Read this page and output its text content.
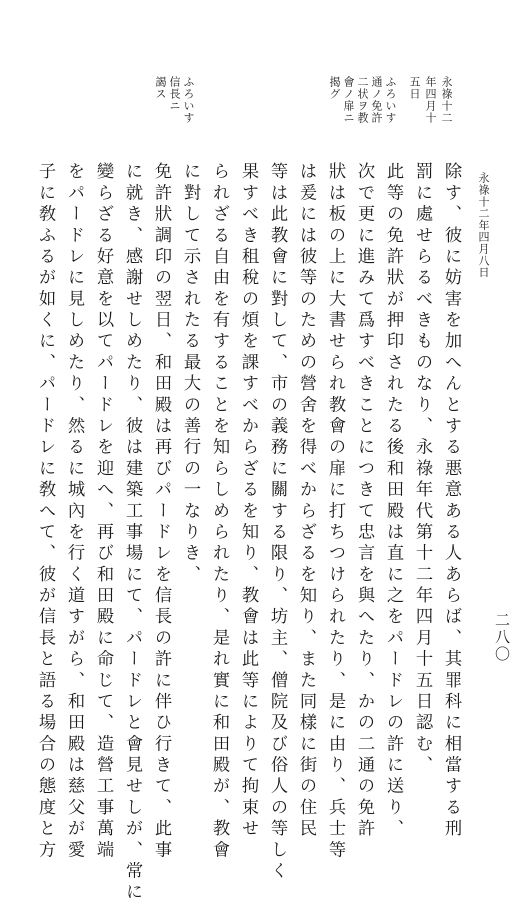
二八〇
永祿十二年四月八日
永祿十二
年四月十
五日
ふろいす
通ノ免許
二状ヲ教
會ノ扉ニ
揭グ
ふろいす
信長ニ
謁ス

除す、彼に妨害を加へんとする悪意ある人あらば、其罪科に相當する刑

罰に處せらるべきものなり、永祿年代第十二年四月十五日認む、

此等の免許狀が押印されたる後和田殿は直に之をパードレの許に送り、

次で更に進みて爲すべきことにつきて忠言を與へたり、かの二通の免許

狀は板の上に大書せられ教會の扉に打ちつけられたり、是に由り、兵士等

は爰には彼等のための營舍を得べからざるを知り、また同樣に街の住民

等は此教會に對して、市の義務に關する限り、坊主、僧院及び俗人の等しく

果すべき租稅の煩を課すべからざるを知り、教會は此等によりて拘束せ

られざる自由を有することを知らしめられたり、是れ實に和田殿が、教會

に對して示されたる最大の善行の一なりき、

免許狀調印の翌日、和田殿は再びパードレを信長の許に伴ひ行きて、此事

に就き、感謝せしめたり、彼は建築工事場にて、パードレと會見せしが、常に

變らざる好意を以てパードレを迎へ、再び和田殿に命じて、造營工事萬端

をパードレに見しめたり、然るに城內を行く道すがら、和田殿は慈父が愛

子に敎ふるが如くに、パードレに敎へて、彼が信長と語る場合の態度と方
